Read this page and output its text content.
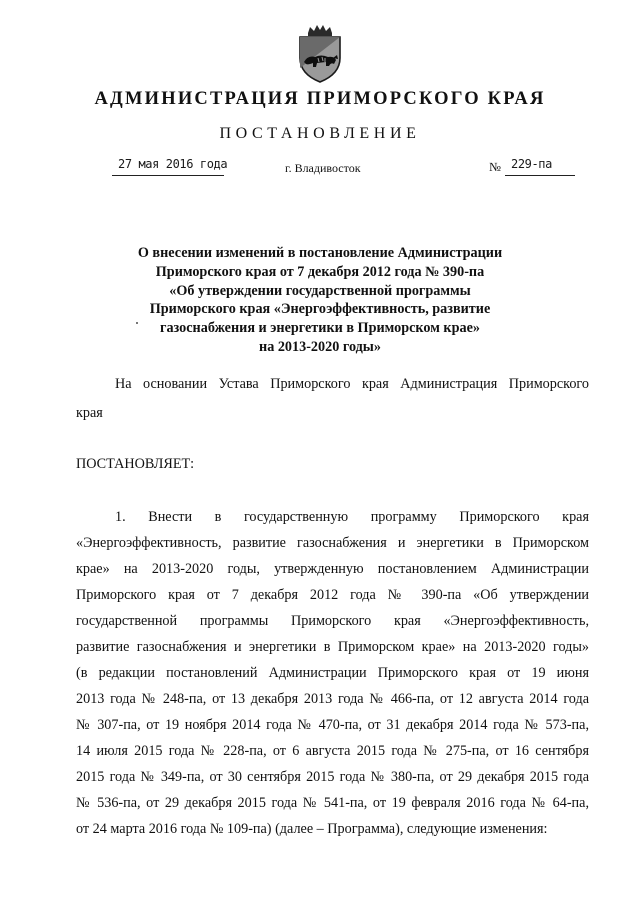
АДМИНИСТРАЦИЯ ПРИМОРСКОГО КРАЯ
ПОСТАНОВЛЕНИЕ
27 мая 2016 года	г. Владивосток	№ 229-па
О внесении изменений в постановление Администрации
Приморского края от 7 декабря 2012 года № 390-па
«Об утверждении государственной программы
Приморского края «Энергоэффективность, развитие
газоснабжения и энергетики в Приморском крае»
на 2013-2020 годы»
На основании Устава Приморского края Администрация Приморского
края
ПОСТАНОВЛЯЕТ:
1. Внести в государственную программу Приморского края
«Энергоэффективность, развитие газоснабжения и энергетики в Приморском
крае» на 2013-2020 годы, утвержденную постановлением Администрации
Приморского края от 7 декабря 2012 года № 390-па «Об утверждении
государственной программы Приморского края «Энергоэффективность,
развитие газоснабжения и энергетики в Приморском крае» на 2013-2020 годы»
(в редакции постановлений Администрации Приморского края от 19 июня
2013 года № 248-па, от 13 декабря 2013 года № 466-па, от 12 августа 2014 года
№ 307-па, от 19 ноября 2014 года № 470-па, от 31 декабря 2014 года № 573-па,
14 июля 2015 года № 228-па, от 6 августа 2015 года № 275-па, от 16 сентября
2015 года № 349-па, от 30 сентября 2015 года № 380-па, от 29 декабря 2015 года
№ 536-па, от 29 декабря 2015 года № 541-па, от 19 февраля 2016 года № 64-па,
от 24 марта 2016 года № 109-па) (далее – Программа), следующие изменения:
